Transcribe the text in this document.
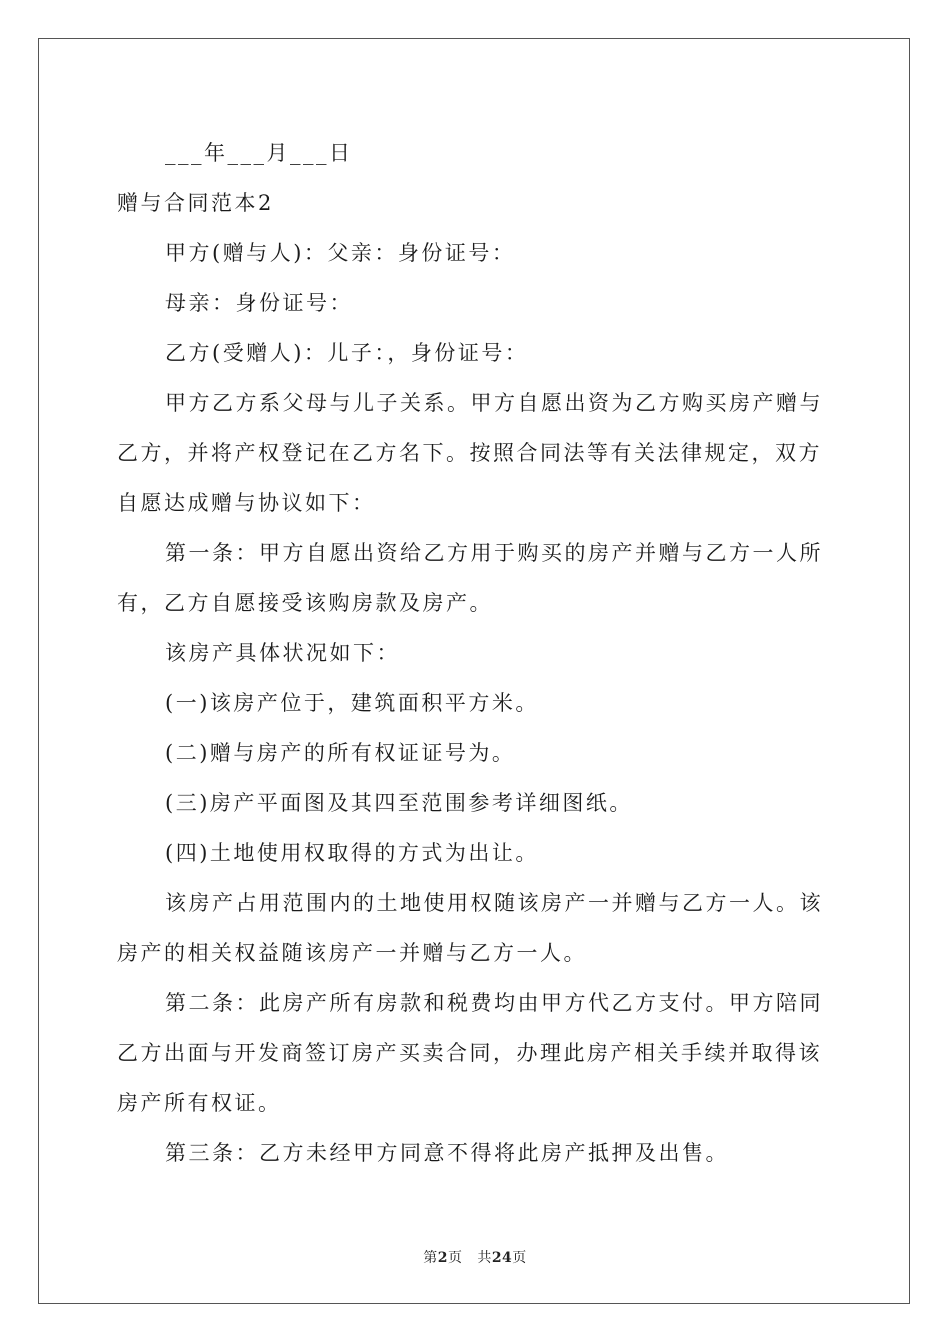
___年___月___日

赠与合同范本2

甲方(赠与人)：父亲：身份证号：

母亲：身份证号：

乙方(受赠人)：儿子：，身份证号：

甲方乙方系父母与儿子关系。甲方自愿出资为乙方购买房产赠与乙方，并将产权登记在乙方名下。按照合同法等有关法律规定，双方自愿达成赠与协议如下：

第一条：甲方自愿出资给乙方用于购买的房产并赠与乙方一人所有，乙方自愿接受该购房款及房产。

该房产具体状况如下：

(一)该房产位于，建筑面积平方米。

(二)赠与房产的所有权证证号为。

(三)房产平面图及其四至范围参考详细图纸。

(四)土地使用权取得的方式为出让。

该房产占用范围内的土地使用权随该房产一并赠与乙方一人。该房产的相关权益随该房产一并赠与乙方一人。

第二条：此房产所有房款和税费均由甲方代乙方支付。甲方陪同乙方出面与开发商签订房产买卖合同，办理此房产相关手续并取得该房产所有权证。

第三条：乙方未经甲方同意不得将此房产抵押及出售。

第2页 共24页
